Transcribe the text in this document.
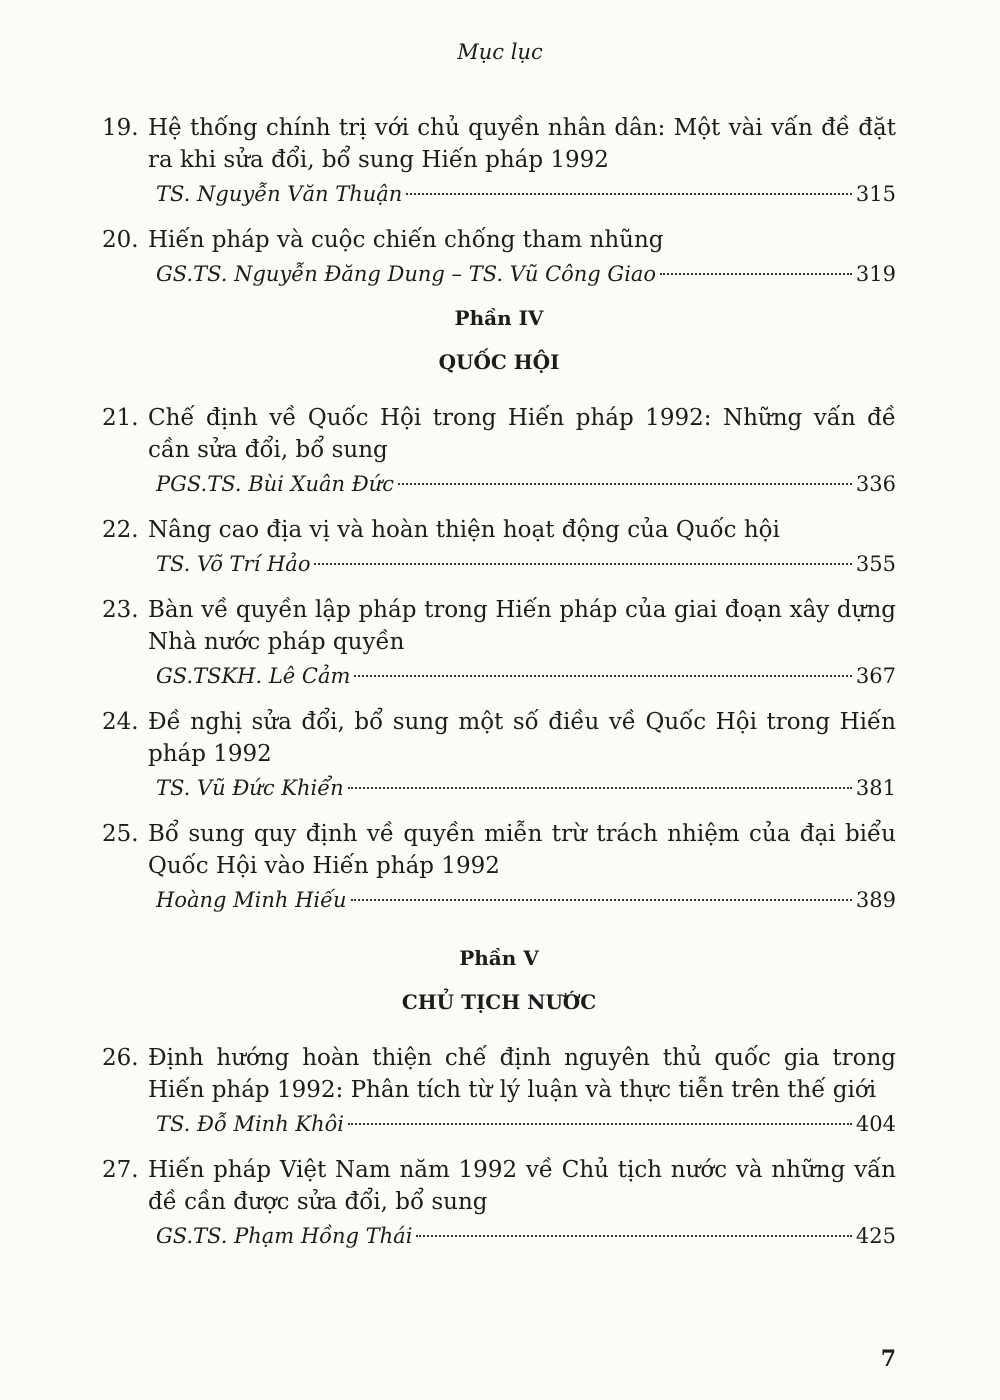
Mục lục
19. Hệ thống chính trị với chủ quyền nhân dân: Một vài vấn đề đặt ra khi sửa đổi, bổ sung Hiến pháp 1992
TS. Nguyễn Văn Thuận	315
20. Hiến pháp và cuộc chiến chống tham nhũng
GS.TS. Nguyễn Đăng Dung – TS. Vũ Công Giao	319
Phần IV
QUỐC HỘI
21. Chế định về Quốc Hội trong Hiến pháp 1992: Những vấn đề cần sửa đổi, bổ sung
PGS.TS. Bùi Xuân Đức	336
22. Nâng cao địa vị và hoàn thiện hoạt động của Quốc hội
TS. Võ Trí Hảo	355
23. Bàn về quyền lập pháp trong Hiến pháp của giai đoạn xây dựng Nhà nước pháp quyền
GS.TSKH. Lê Cảm	367
24. Đề nghị sửa đổi, bổ sung một số điều về Quốc Hội trong Hiến pháp 1992
TS. Vũ Đức Khiển	381
25. Bổ sung quy định về quyền miễn trừ trách nhiệm của đại biểu Quốc Hội vào Hiến pháp 1992
Hoàng Minh Hiếu	389
Phần V
CHỦ TỊCH NƯỚC
26. Định hướng hoàn thiện chế định nguyên thủ quốc gia trong Hiến pháp 1992: Phân tích từ lý luận và thực tiễn trên thế giới
TS. Đỗ Minh Khôi	404
27. Hiến pháp Việt Nam năm 1992 về Chủ tịch nước và những vấn đề cần được sửa đổi, bổ sung
GS.TS. Phạm Hồng Thái	425
7
